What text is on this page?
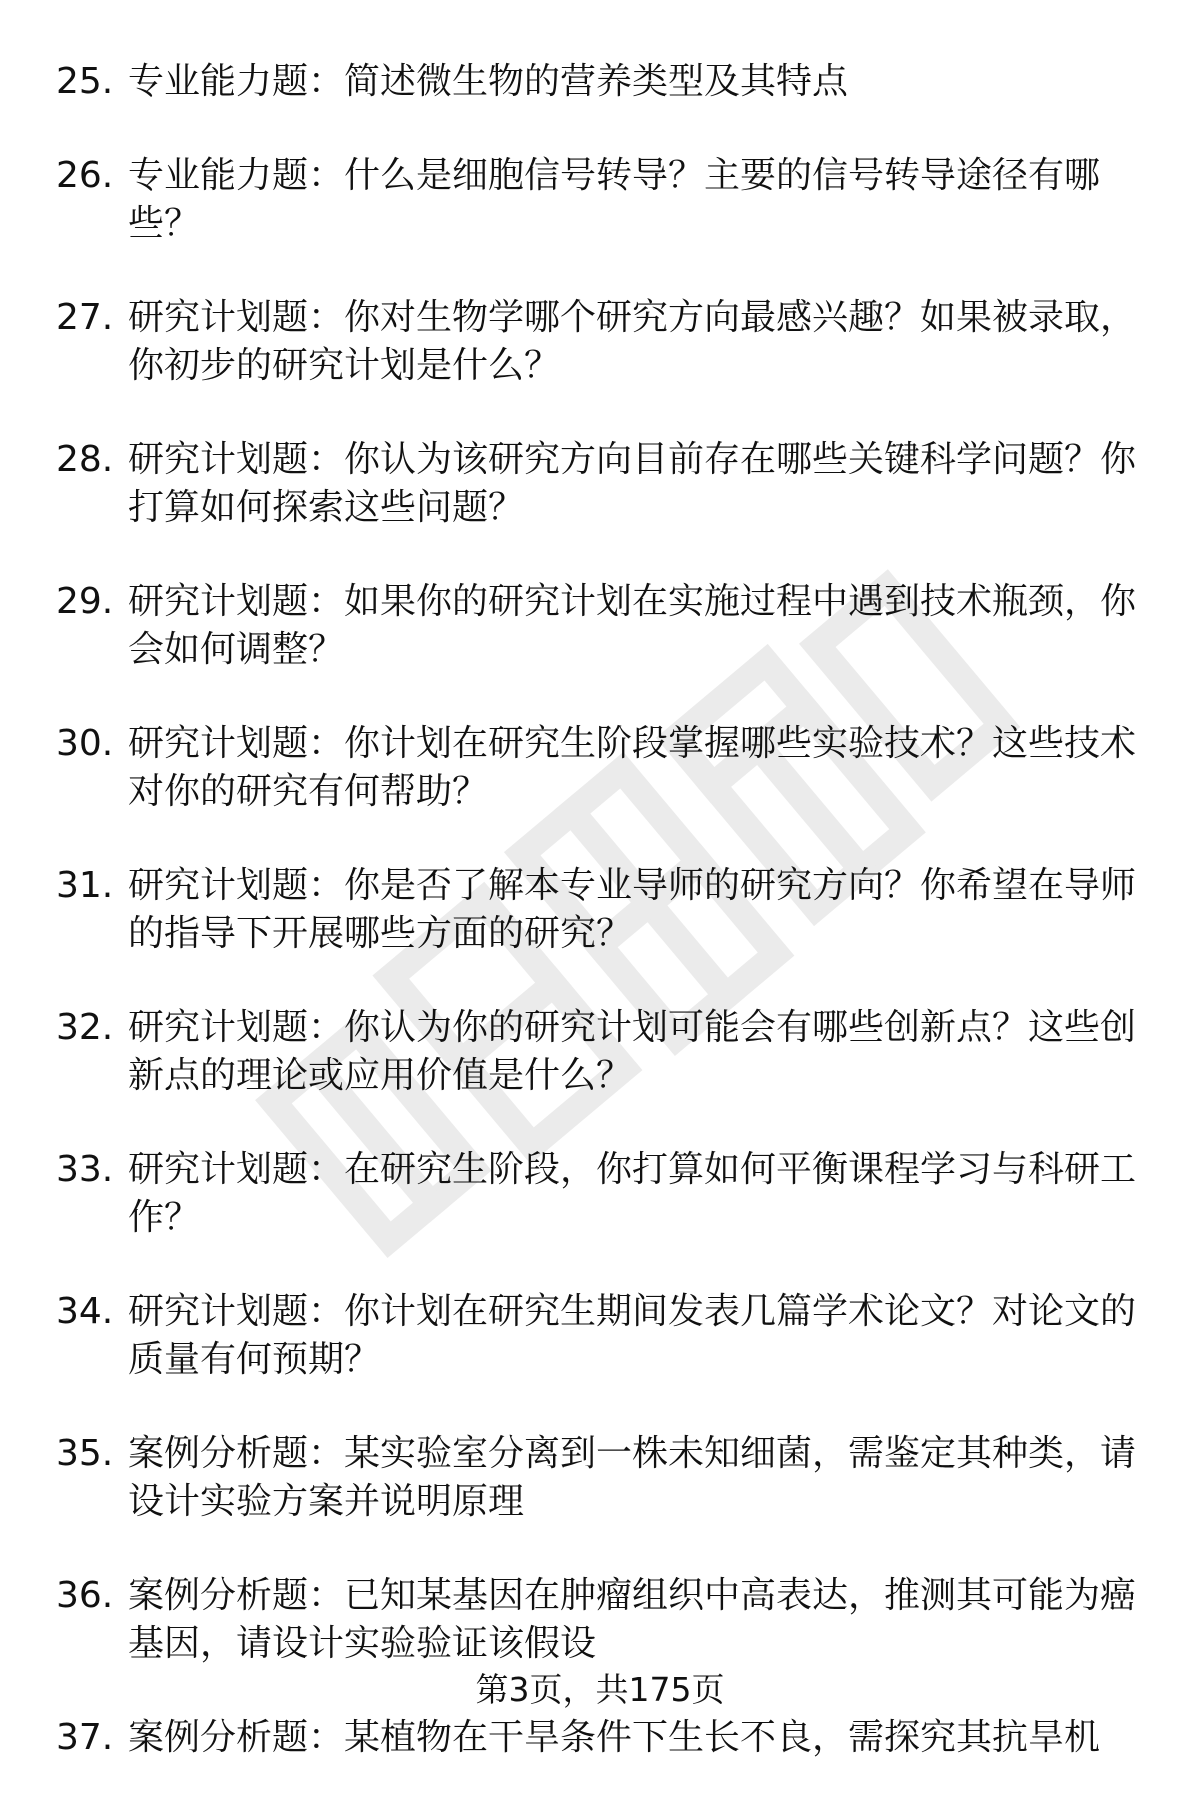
25. 专业能力题：简述微生物的营养类型及其特点
26. 专业能力题：什么是细胞信号转导？主要的信号转导途径有哪些？
27. 研究计划题：你对生物学哪个研究方向最感兴趣？如果被录取，你初步的研究计划是什么？
28. 研究计划题：你认为该研究方向目前存在哪些关键科学问题？你打算如何探索这些问题？
29. 研究计划题：如果你的研究计划在实施过程中遇到技术瓶颈，你会如何调整？
30. 研究计划题：你计划在研究生阶段掌握哪些实验技术？这些技术对你的研究有何帮助？
31. 研究计划题：你是否了解本专业导师的研究方向？你希望在导师的指导下开展哪些方面的研究？
32. 研究计划题：你认为你的研究计划可能会有哪些创新点？这些创新点的理论或应用价值是什么？
33. 研究计划题：在研究生阶段，你打算如何平衡课程学习与科研工作？
34. 研究计划题：你计划在研究生期间发表几篇学术论文？对论文的质量有何预期？
35. 案例分析题：某实验室分离到一株未知细菌，需鉴定其种类，请设计实验方案并说明原理
36. 案例分析题：已知某基因在肿瘤组织中高表达，推测其可能为癌基因，请设计实验验证该假设
37. 案例分析题：某植物在干旱条件下生长不良，需探究其抗旱机
第3页，共175页
